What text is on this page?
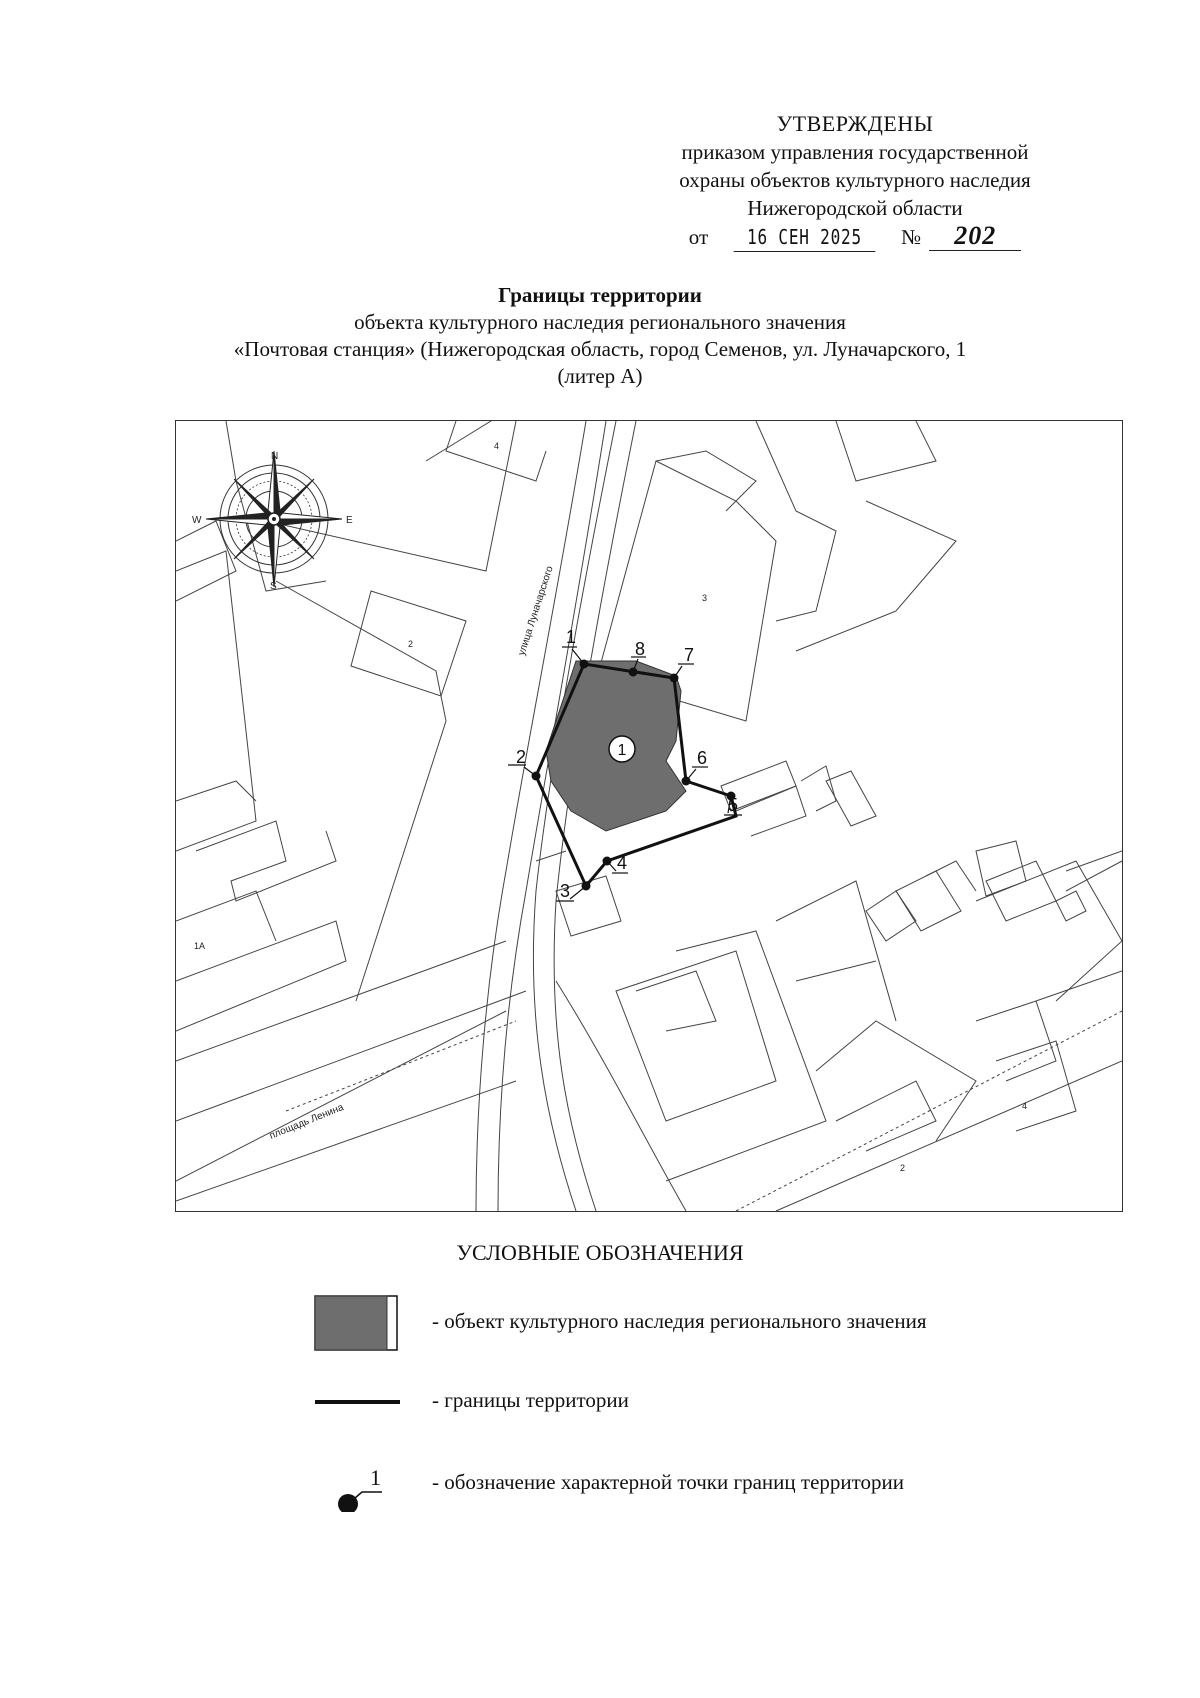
УТВЕРЖДЕНЫ
приказом управления государственной
охраны объектов культурного наследия
Нижегородской области
от	16 СЕН 2025	№	202
Границы территории
объекта культурного наследия регионального значения
«Почтовая станция» (Нижегородская область, город Семенов, ул. Луначарского, 1
(литер А)
1
2
3
4
5
6
7
8
1
улица Луначарского
площадь Ленина
4
2
3
1А
2
4
N
E
S
W
УСЛОВНЫЕ ОБОЗНАЧЕНИЯ
- объект культурного наследия регионального значения
- границы территории
1 - обозначение характерной точки границ территории
